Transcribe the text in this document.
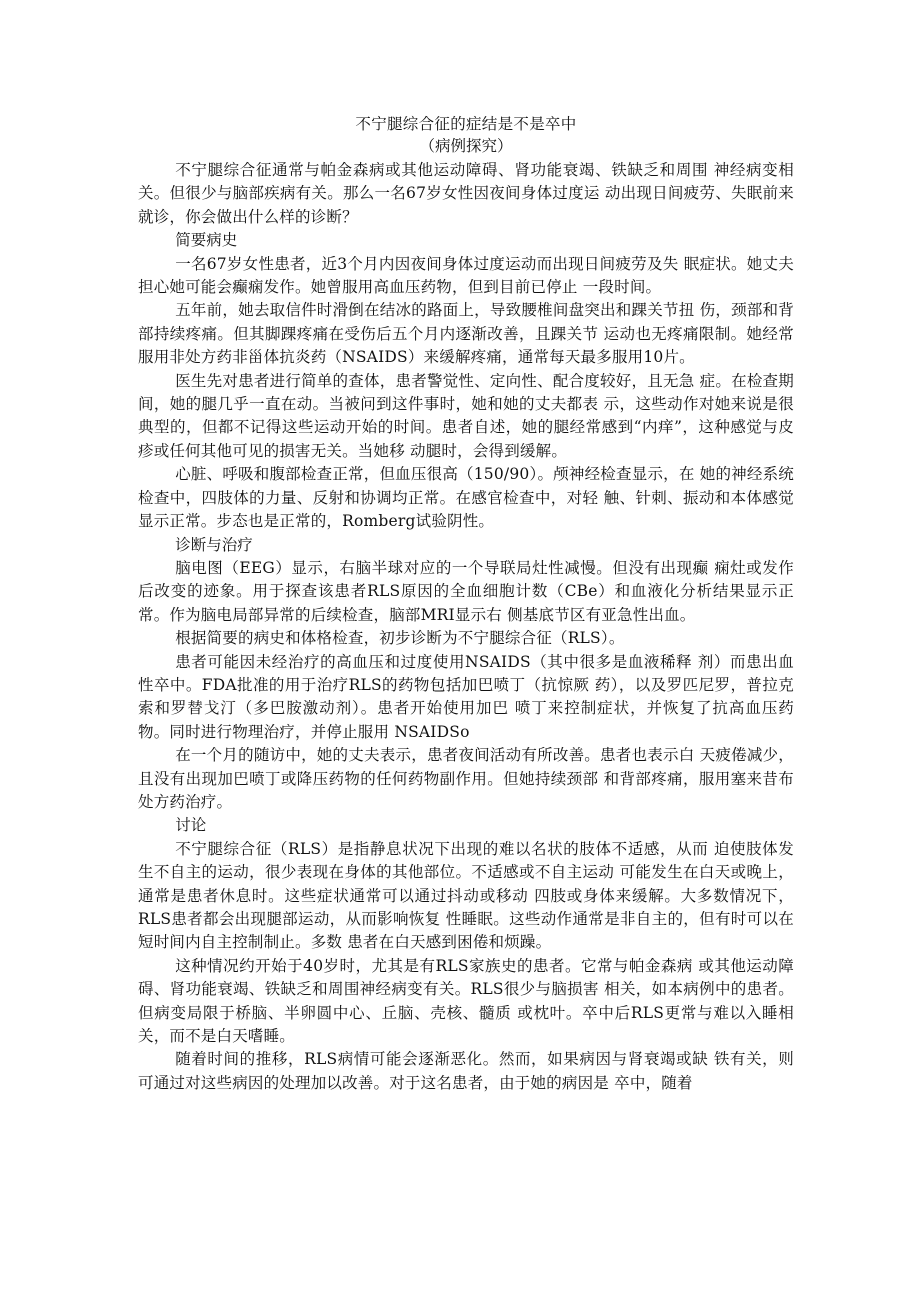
不宁腿综合征的症结是不是卒中

（病例探究）

不宁腿综合征通常与帕金森病或其他运动障碍、肾功能衰竭、铁缺乏和周围 神经病变相关。但很少与脑部疾病有关。那么一名67岁女性因夜间身体过度运 动出现日间疲劳、失眠前来就诊，你会做出什么样的诊断？

简要病史

一名67岁女性患者，近3个月内因夜间身体过度运动而出现日间疲劳及失 眠症状。她丈夫担心她可能会癫痫发作。她曾服用高血压药物，但到目前已停止 一段时间。

五年前，她去取信件时滑倒在结冰的路面上，导致腰椎间盘突出和踝关节扭 伤，颈部和背部持续疼痛。但其脚踝疼痛在受伤后五个月内逐渐改善，且踝关节 运动也无疼痛限制。她经常服用非处方药非甾体抗炎药（NSAIDS）来缓解疼痛，通常每天最多服用10片。

医生先对患者进行简单的查体，患者警觉性、定向性、配合度较好，且无急 症。在检查期间，她的腿几乎一直在动。当被问到这件事时，她和她的丈夫都表 示，这些动作对她来说是很典型的，但都不记得这些运动开始的时间。患者自述，她的腿经常感到“内痒”，这种感觉与皮疹或任何其他可见的损害无关。当她移 动腿时，会得到缓解。

心脏、呼吸和腹部检查正常，但血压很高（150/90）。颅神经检查显示，在 她的神经系统检查中，四肢体的力量、反射和协调均正常。在感官检查中，对轻 触、针刺、振动和本体感觉显示正常。步态也是正常的，Romberg试验阴性。

诊断与治疗

脑电图（EEG）显示，右脑半球对应的一个导联局灶性减慢。但没有出现癫 痫灶或发作后改变的迹象。用于探查该患者RLS原因的全血细胞计数（CBe）和血液化分析结果显示正常。作为脑电局部异常的后续检查，脑部MRI显示右 侧基底节区有亚急性出血。

根据简要的病史和体格检查，初步诊断为不宁腿综合征（RLS）。

患者可能因未经治疗的高血压和过度使用NSAIDS（其中很多是血液稀释 剂）而患出血性卒中。FDA批准的用于治疗RLS的药物包括加巴喷丁（抗惊厥 药），以及罗匹尼罗，普拉克索和罗替戈汀（多巴胺激动剂）。患者开始使用加巴 喷丁来控制症状，并恢复了抗高血压药物。同时进行物理治疗，并停止服用 NSAIDSo

在一个月的随访中，她的丈夫表示，患者夜间活动有所改善。患者也表示白 天疲倦减少，且没有出现加巴喷丁或降压药物的任何药物副作用。但她持续颈部 和背部疼痛，服用塞来昔布处方药治疗。

讨论

不宁腿综合征（RLS）是指静息状况下出现的难以名状的肢体不适感，从而 迫使肢体发生不自主的运动，很少表现在身体的其他部位。不适感或不自主运动 可能发生在白天或晚上，通常是患者休息时。这些症状通常可以通过抖动或移动 四肢或身体来缓解。大多数情况下，RLS患者都会出现腿部运动，从而影响恢复 性睡眠。这些动作通常是非自主的，但有时可以在短时间内自主控制制止。多数 患者在白天感到困倦和烦躁。

这种情况约开始于40岁时，尤其是有RLS家族史的患者。它常与帕金森病 或其他运动障碍、肾功能衰竭、铁缺乏和周围神经病变有关。RLS很少与脑损害 相关，如本病例中的患者。但病变局限于桥脑、半卵圆中心、丘脑、壳核、髓质 或枕叶。卒中后RLS更常与难以入睡相关，而不是白天嗜睡。

随着时间的推移，RLS病情可能会逐渐恶化。然而，如果病因与肾衰竭或缺 铁有关，则可通过对这些病因的处理加以改善。对于这名患者，由于她的病因是 卒中，随着
